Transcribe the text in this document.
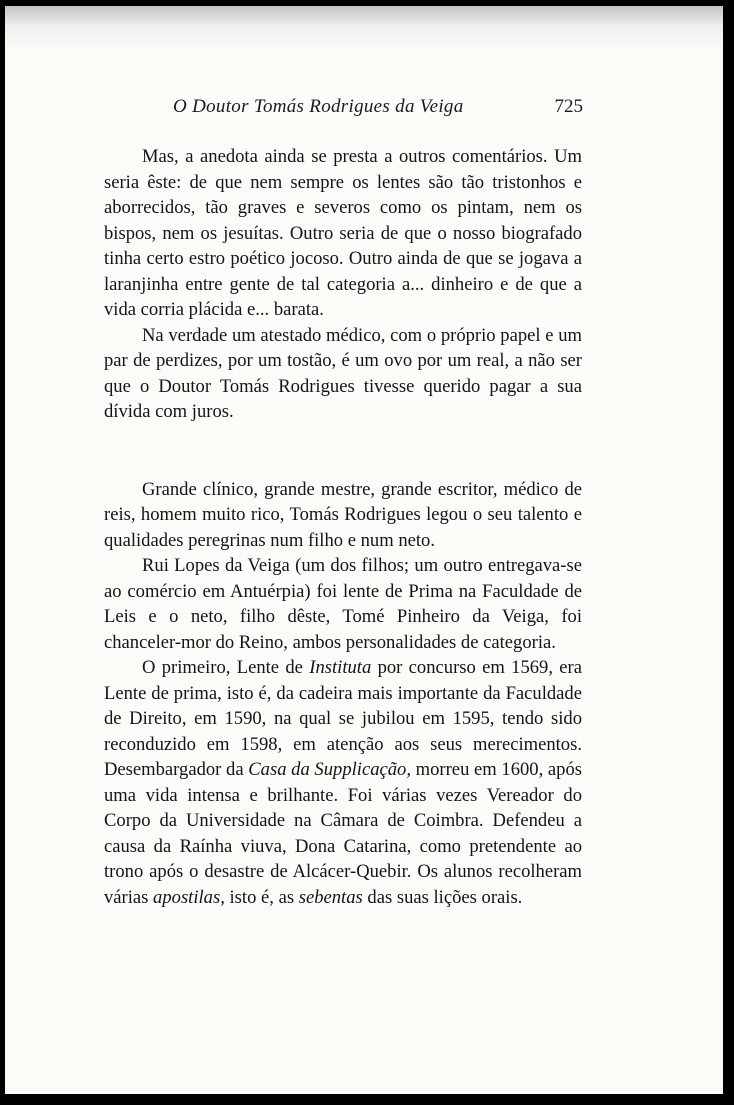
O Doutor Tomás Rodrigues da Veiga	725

Mas, a anedota ainda se presta a outros comentários. Um seria êste: de que nem sempre os lentes são tão tristonhos e aborrecidos, tão graves e severos como os pintam, nem os bispos, nem os jesuítas. Outro seria de que o nosso biografado tinha certo estro poético jocoso. Outro ainda de que se jogava a laranjinha entre gente de tal categoria a... dinheiro e de que a vida corria plácida e... barata.

Na verdade um atestado médico, com o próprio papel e um par de perdizes, por um tostão, é um ovo por um real, a não ser que o Doutor Tomás Rodrigues tivesse querido pagar a sua dívida com juros.

Grande clínico, grande mestre, grande escritor, médico de reis, homem muito rico, Tomás Rodrigues legou o seu talento e qualidades peregrinas num filho e num neto.

Rui Lopes da Veiga (um dos filhos; um outro entregava-se ao comércio em Antuérpia) foi lente de Prima na Faculdade de Leis e o neto, filho dêste, Tomé Pinheiro da Veiga, foi chanceler-mor do Reino, ambos personalidades de categoria.

O primeiro, Lente de Instituta por concurso em 1569, era Lente de prima, isto é, da cadeira mais importante da Faculdade de Direito, em 1590, na qual se jubilou em 1595, tendo sido reconduzido em 1598, em atenção aos seus merecimentos. Desembargador da Casa da Supplicação, morreu em 1600, após uma vida intensa e brilhante. Foi várias vezes Vereador do Corpo da Universidade na Câmara de Coimbra. Defendeu a causa da Raínha viuva, Dona Catarina, como pretendente ao trono após o desastre de Alcácer-Quebir. Os alunos recolheram várias apostilas, isto é, as sebentas das suas lições orais.
